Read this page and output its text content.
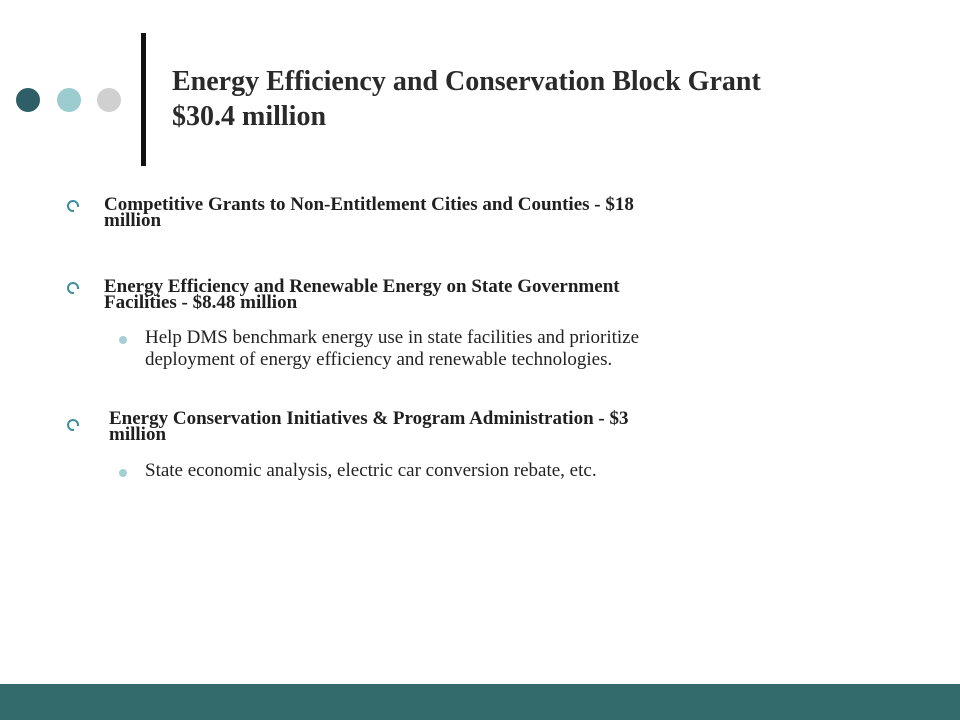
Energy Efficiency and Conservation Block Grant
$30.4 million

Competitive Grants to Non-Entitlement Cities and Counties - $18
million

Energy Efficiency and Renewable Energy on State Government
Facilities - $8.48 million

Help DMS benchmark energy use in state facilities and prioritize
deployment of energy efficiency and renewable technologies.

Energy Conservation Initiatives & Program Administration - $3
million

State economic analysis, electric car conversion rebate, etc.
